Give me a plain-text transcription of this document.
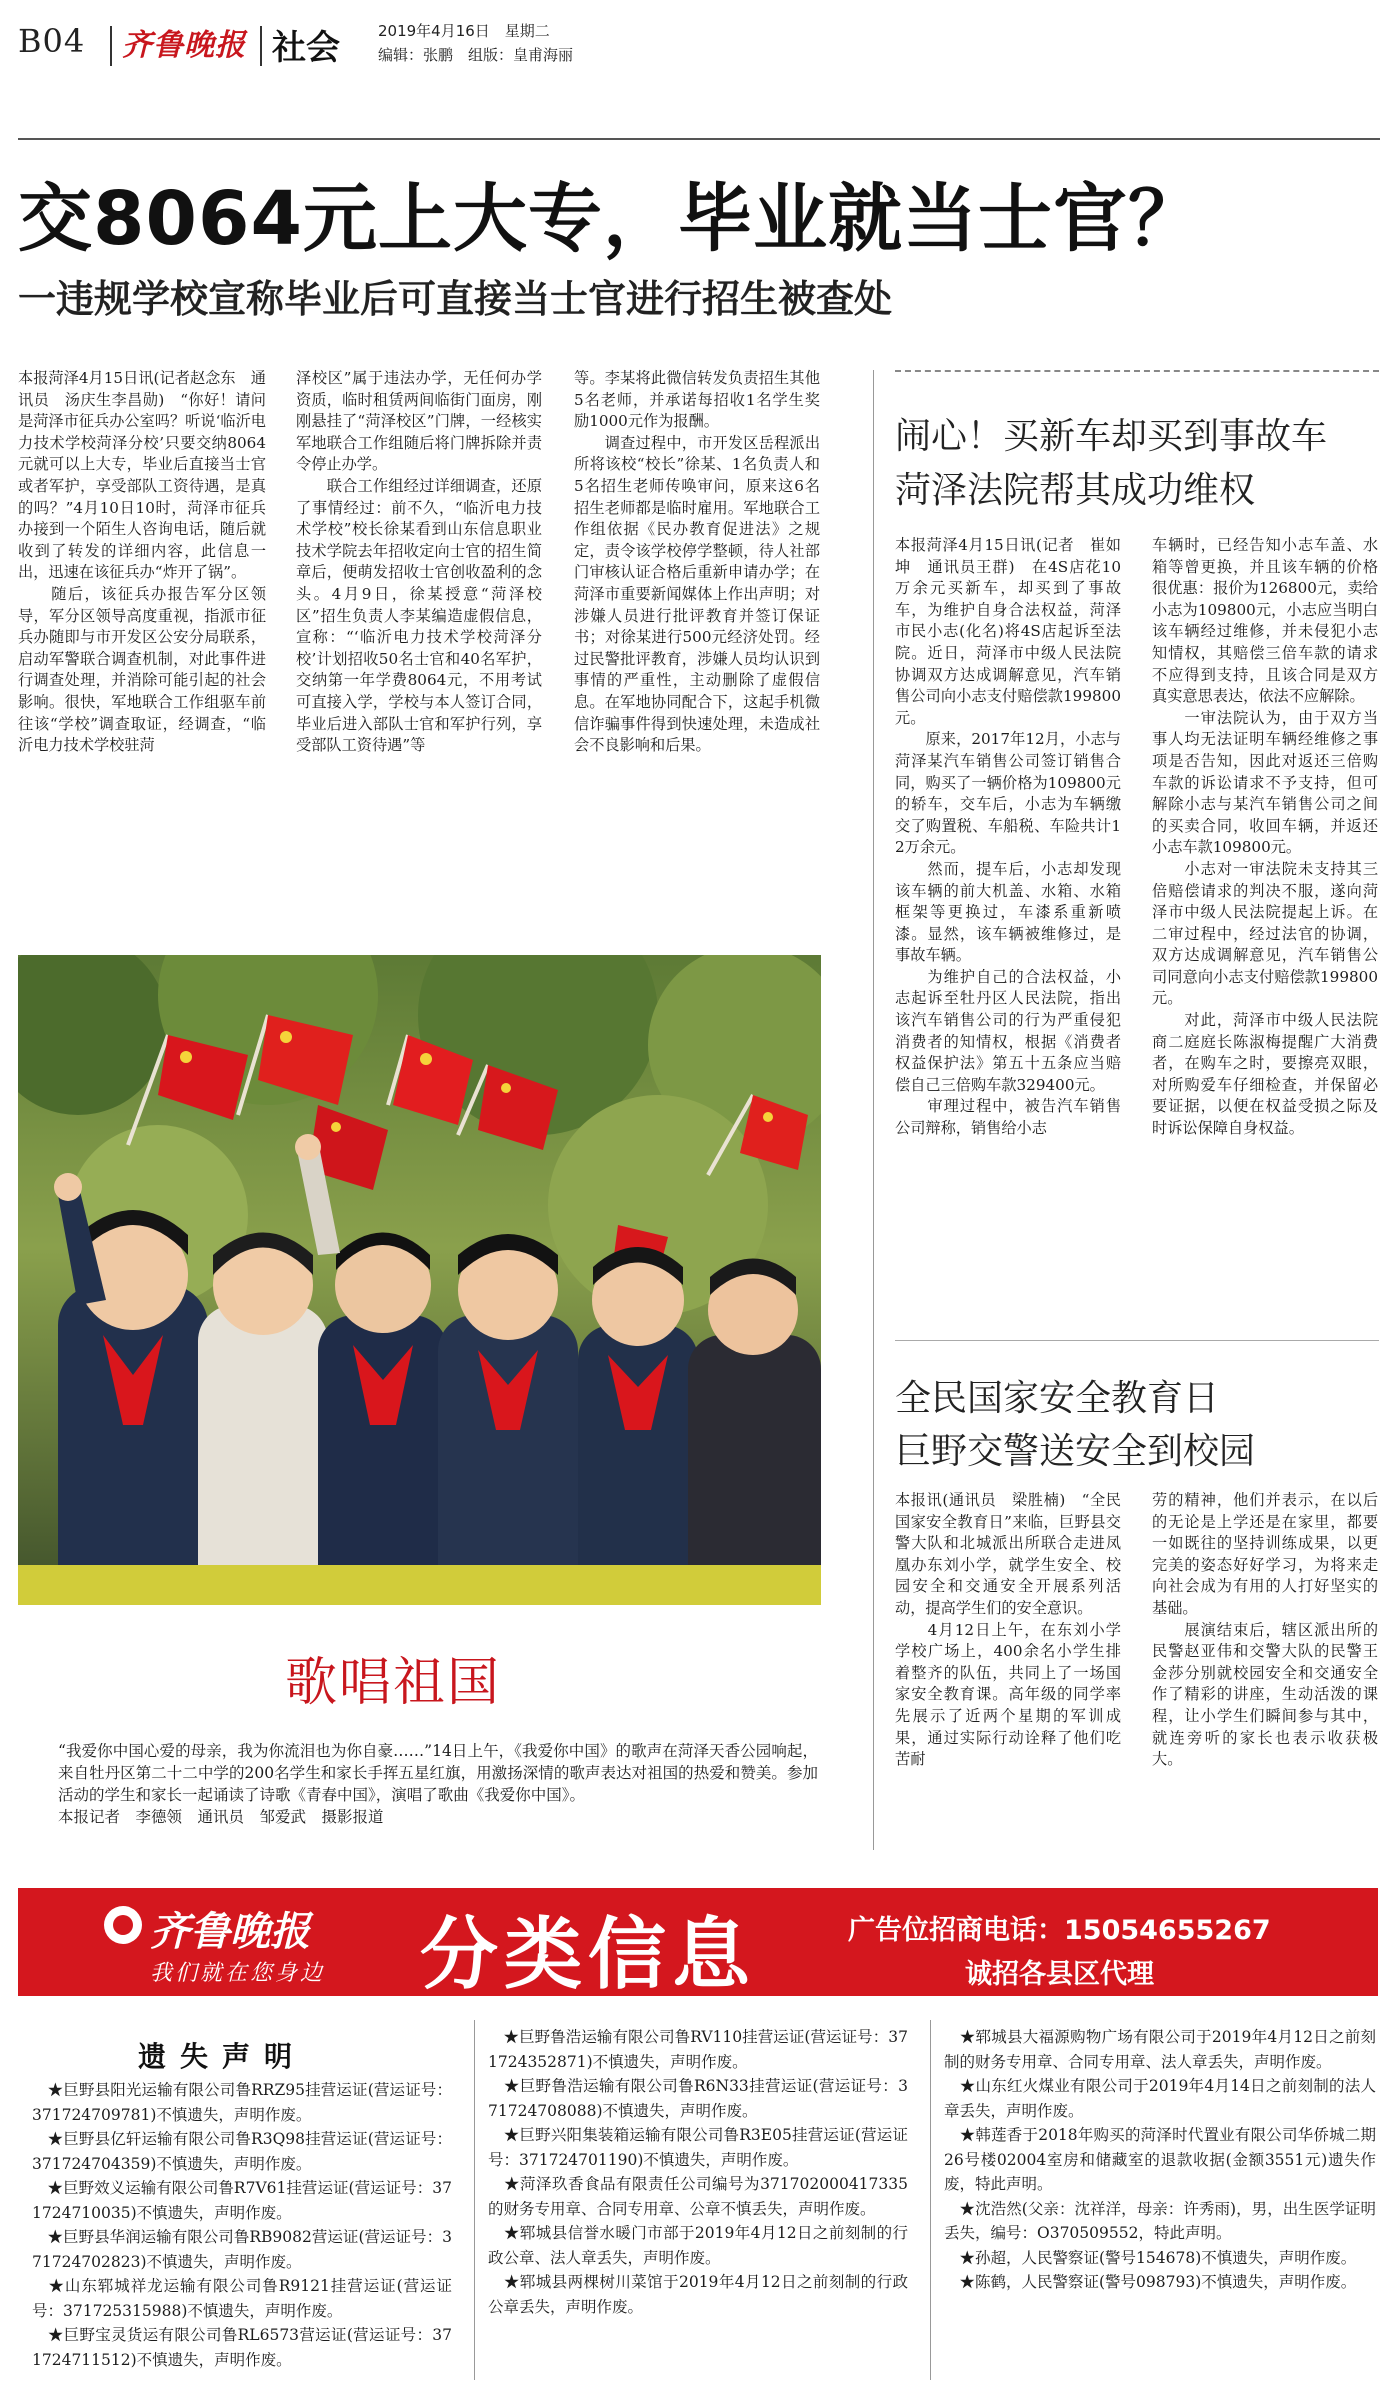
B04 齐鲁晚报 社会	2019年4月16日　星期二
编辑：张鹏　组版：皇甫海丽
交8064元上大专，毕业就当士官？
一违规学校宣称毕业后可直接当士官进行招生被查处

本报菏泽4月15日讯(记者赵念东　通讯员　汤庆生李昌勋)　“你好！请问是菏泽市征兵办公室吗？听说‘临沂电力技术学校菏泽分校’只要交纳8064元就可以上大专，毕业后直接当士官或者军护，享受部队工资待遇，是真的吗？”4月10日10时，菏泽市征兵办接到一个陌生人咨询电话，随后就收到了转发的详细内容，此信息一出，迅速在该征兵办“炸开了锅”。
　　随后，该征兵办报告军分区领导，军分区领导高度重视，指派市征兵办随即与市开发区公安分局联系，启动军警联合调查机制，对此事件进行调查处理，并消除可能引起的社会影响。很快，军地联合工作组驱车前往该“学校”调查取证，经调查，“临沂电力技术学校驻菏

泽校区”属于违法办学，无任何办学资质，临时租赁两间临街门面房，刚刚悬挂了“菏泽校区”门牌，一经核实军地联合工作组随后将门牌拆除并责令停止办学。
　　联合工作组经过详细调查，还原了事情经过：前不久，“临沂电力技术学校”校长徐某看到山东信息职业技术学院去年招收定向士官的招生简章后，便萌发招收士官创收盈利的念头。4月9日，徐某授意“菏泽校区”招生负责人李某编造虚假信息，宣称：“‘临沂电力技术学校菏泽分校’计划招收50名士官和40名军护，交纳第一年学费8064元，不用考试可直接入学，学校与本人签订合同，毕业后进入部队士官和军护行列，享受部队工资待遇”等

等。李某将此微信转发负责招生其他5名老师，并承诺每招收1名学生奖励1000元作为报酬。
　　调查过程中，市开发区岳程派出所将该校“校长”徐某、1名负责人和5名招生老师传唤审问，原来这6名招生老师都是临时雇用。军地联合工作组依据《民办教育促进法》之规定，责令该学校停学整顿，待人社部门审核认证合格后重新申请办学；在菏泽市重要新闻媒体上作出声明；对涉嫌人员进行批评教育并签订保证书；对徐某进行500元经济处罚。经过民警批评教育，涉嫌人员均认识到事情的严重性，主动删除了虚假信息。在军地协同配合下，这起手机微信诈骗事件得到快速处理，未造成社会不良影响和后果。

闹心！买新车却买到事故车
菏泽法院帮其成功维权

本报菏泽4月15日讯(记者　崔如坤　通讯员王群)　在4S店花10万余元买新车，却买到了事故车，为维护自身合法权益，菏泽市民小志(化名)将4S店起诉至法院。近日，菏泽市中级人民法院协调双方达成调解意见，汽车销售公司向小志支付赔偿款199800元。
　　原来，2017年12月，小志与菏泽某汽车销售公司签订销售合同，购买了一辆价格为109800元的轿车，交车后，小志为车辆缴交了购置税、车船税、车险共计12万余元。
　　然而，提车后，小志却发现该车辆的前大机盖、水箱、水箱框架等更换过，车漆系重新喷漆。显然，该车辆被维修过，是事故车辆。
　　为维护自己的合法权益，小志起诉至牡丹区人民法院，指出该汽车销售公司的行为严重侵犯消费者的知情权，根据《消费者权益保护法》第五十五条应当赔偿自己三倍购车款329400元。
　　审理过程中，被告汽车销售公司辩称，销售给小志

车辆时，已经告知小志车盖、水箱等曾更换，并且该车辆的价格很优惠：报价为126800元，卖给小志为109800元，小志应当明白该车辆经过维修，并未侵犯小志知情权，其赔偿三倍车款的请求不应得到支持，且该合同是双方真实意思表达，依法不应解除。
　　一审法院认为，由于双方当事人均无法证明车辆经维修之事项是否告知，因此对返还三倍购车款的诉讼请求不予支持，但可解除小志与某汽车销售公司之间的买卖合同，收回车辆，并返还小志车款109800元。
　　小志对一审法院未支持其三倍赔偿请求的判决不服，遂向菏泽市中级人民法院提起上诉。在二审过程中，经过法官的协调，双方达成调解意见，汽车销售公司同意向小志支付赔偿款199800元。
　　对此，菏泽市中级人民法院商二庭庭长陈淑梅提醒广大消费者，在购车之时，要擦亮双眼，对所购爱车仔细检查，并保留必要证据，以便在权益受损之际及时诉讼保障自身权益。

全民国家安全教育日
巨野交警送安全到校园

本报讯(通讯员　梁胜楠)　“全民国家安全教育日”来临，巨野县交警大队和北城派出所联合走进凤凰办东刘小学，就学生安全、校园安全和交通安全开展系列活动，提高学生们的安全意识。
　　4月12日上午，在东刘小学学校广场上，400余名小学生排着整齐的队伍，共同上了一场国家安全教育课。高年级的同学率先展示了近两个星期的军训成果，通过实际行动诠释了他们吃苦耐

劳的精神，他们并表示，在以后的无论是上学还是在家里，都要一如既往的坚持训练成果，以更完美的姿态好好学习，为将来走向社会成为有用的人打好坚实的基础。
　　展演结束后，辖区派出所的民警赵亚伟和交警大队的民警王金莎分别就校园安全和交通安全作了精彩的讲座，生动活泼的课程，让小学生们瞬间参与其中，就连旁听的家长也表示收获极大。

歌唱祖国
“我爱你中国心爱的母亲，我为你流泪也为你自豪……”14日上午，《我爱你中国》的歌声在菏泽天香公园响起，来自牡丹区第二十二中学的200名学生和家长手挥五星红旗，用激扬深情的歌声表达对祖国的热爱和赞美。参加活动的学生和家长一起诵读了诗歌《青春中国》，演唱了歌曲《我爱你中国》。
本报记者　李德领　通讯员　邹爱武　摄影报道
齐鲁晚报
我们就在您身边 分类信息	广告位招商电话：15054655267
诚招各县区代理
遗失声明
　★巨野县阳光运输有限公司鲁RRZ95挂营运证(营运证号：371724709781)不慎遗失，声明作废。
　★巨野县亿轩运输有限公司鲁R3Q98挂营运证(营运证号：371724704359)不慎遗失，声明作废。
　★巨野效义运输有限公司鲁R7V61挂营运证(营运证号：371724710035)不慎遗失，声明作废。
　★巨野县华润运输有限公司鲁RB9082营运证(营运证号：371724702823)不慎遗失，声明作废。
　★山东郓城祥龙运输有限公司鲁R9121挂营运证(营运证号：371725315988)不慎遗失，声明作废。
　★巨野宝灵货运有限公司鲁RL6573营运证(营运证号：371724711512)不慎遗失，声明作废。
　★巨野鲁浩运输有限公司鲁RV110挂营运证(营运证号：371724352871)不慎遗失，声明作废。
　★巨野鲁浩运输有限公司鲁R6N33挂营运证(营运证号：371724708088)不慎遗失，声明作废。
　★巨野兴阳集装箱运输有限公司鲁R3E05挂营运证(营运证号：371724701190)不慎遗失，声明作废。
　★菏泽玖香食品有限责任公司编号为371702000417335的财务专用章、合同专用章、公章不慎丢失，声明作废。
　★郓城县信誉水暖门市部于2019年4月12日之前刻制的行政公章、法人章丢失，声明作废。
　★郓城县两棵树川菜馆于2019年4月12日之前刻制的行政公章丢失，声明作废。
　★郓城县大福源购物广场有限公司于2019年4月12日之前刻制的财务专用章、合同专用章、法人章丢失，声明作废。
　★山东红火煤业有限公司于2019年4月14日之前刻制的法人章丢失，声明作废。
　★韩莲香于2018年购买的菏泽时代置业有限公司华侨城二期26号楼02004室房和储藏室的退款收据(金额3551元)遗失作废，特此声明。
　★沈浩然(父亲：沈祥洋，母亲：许秀雨)，男，出生医学证明丢失，编号：O370509552，特此声明。
　★孙超，人民警察证(警号154678)不慎遗失，声明作废。
　★陈鹤，人民警察证(警号098793)不慎遗失，声明作废。
